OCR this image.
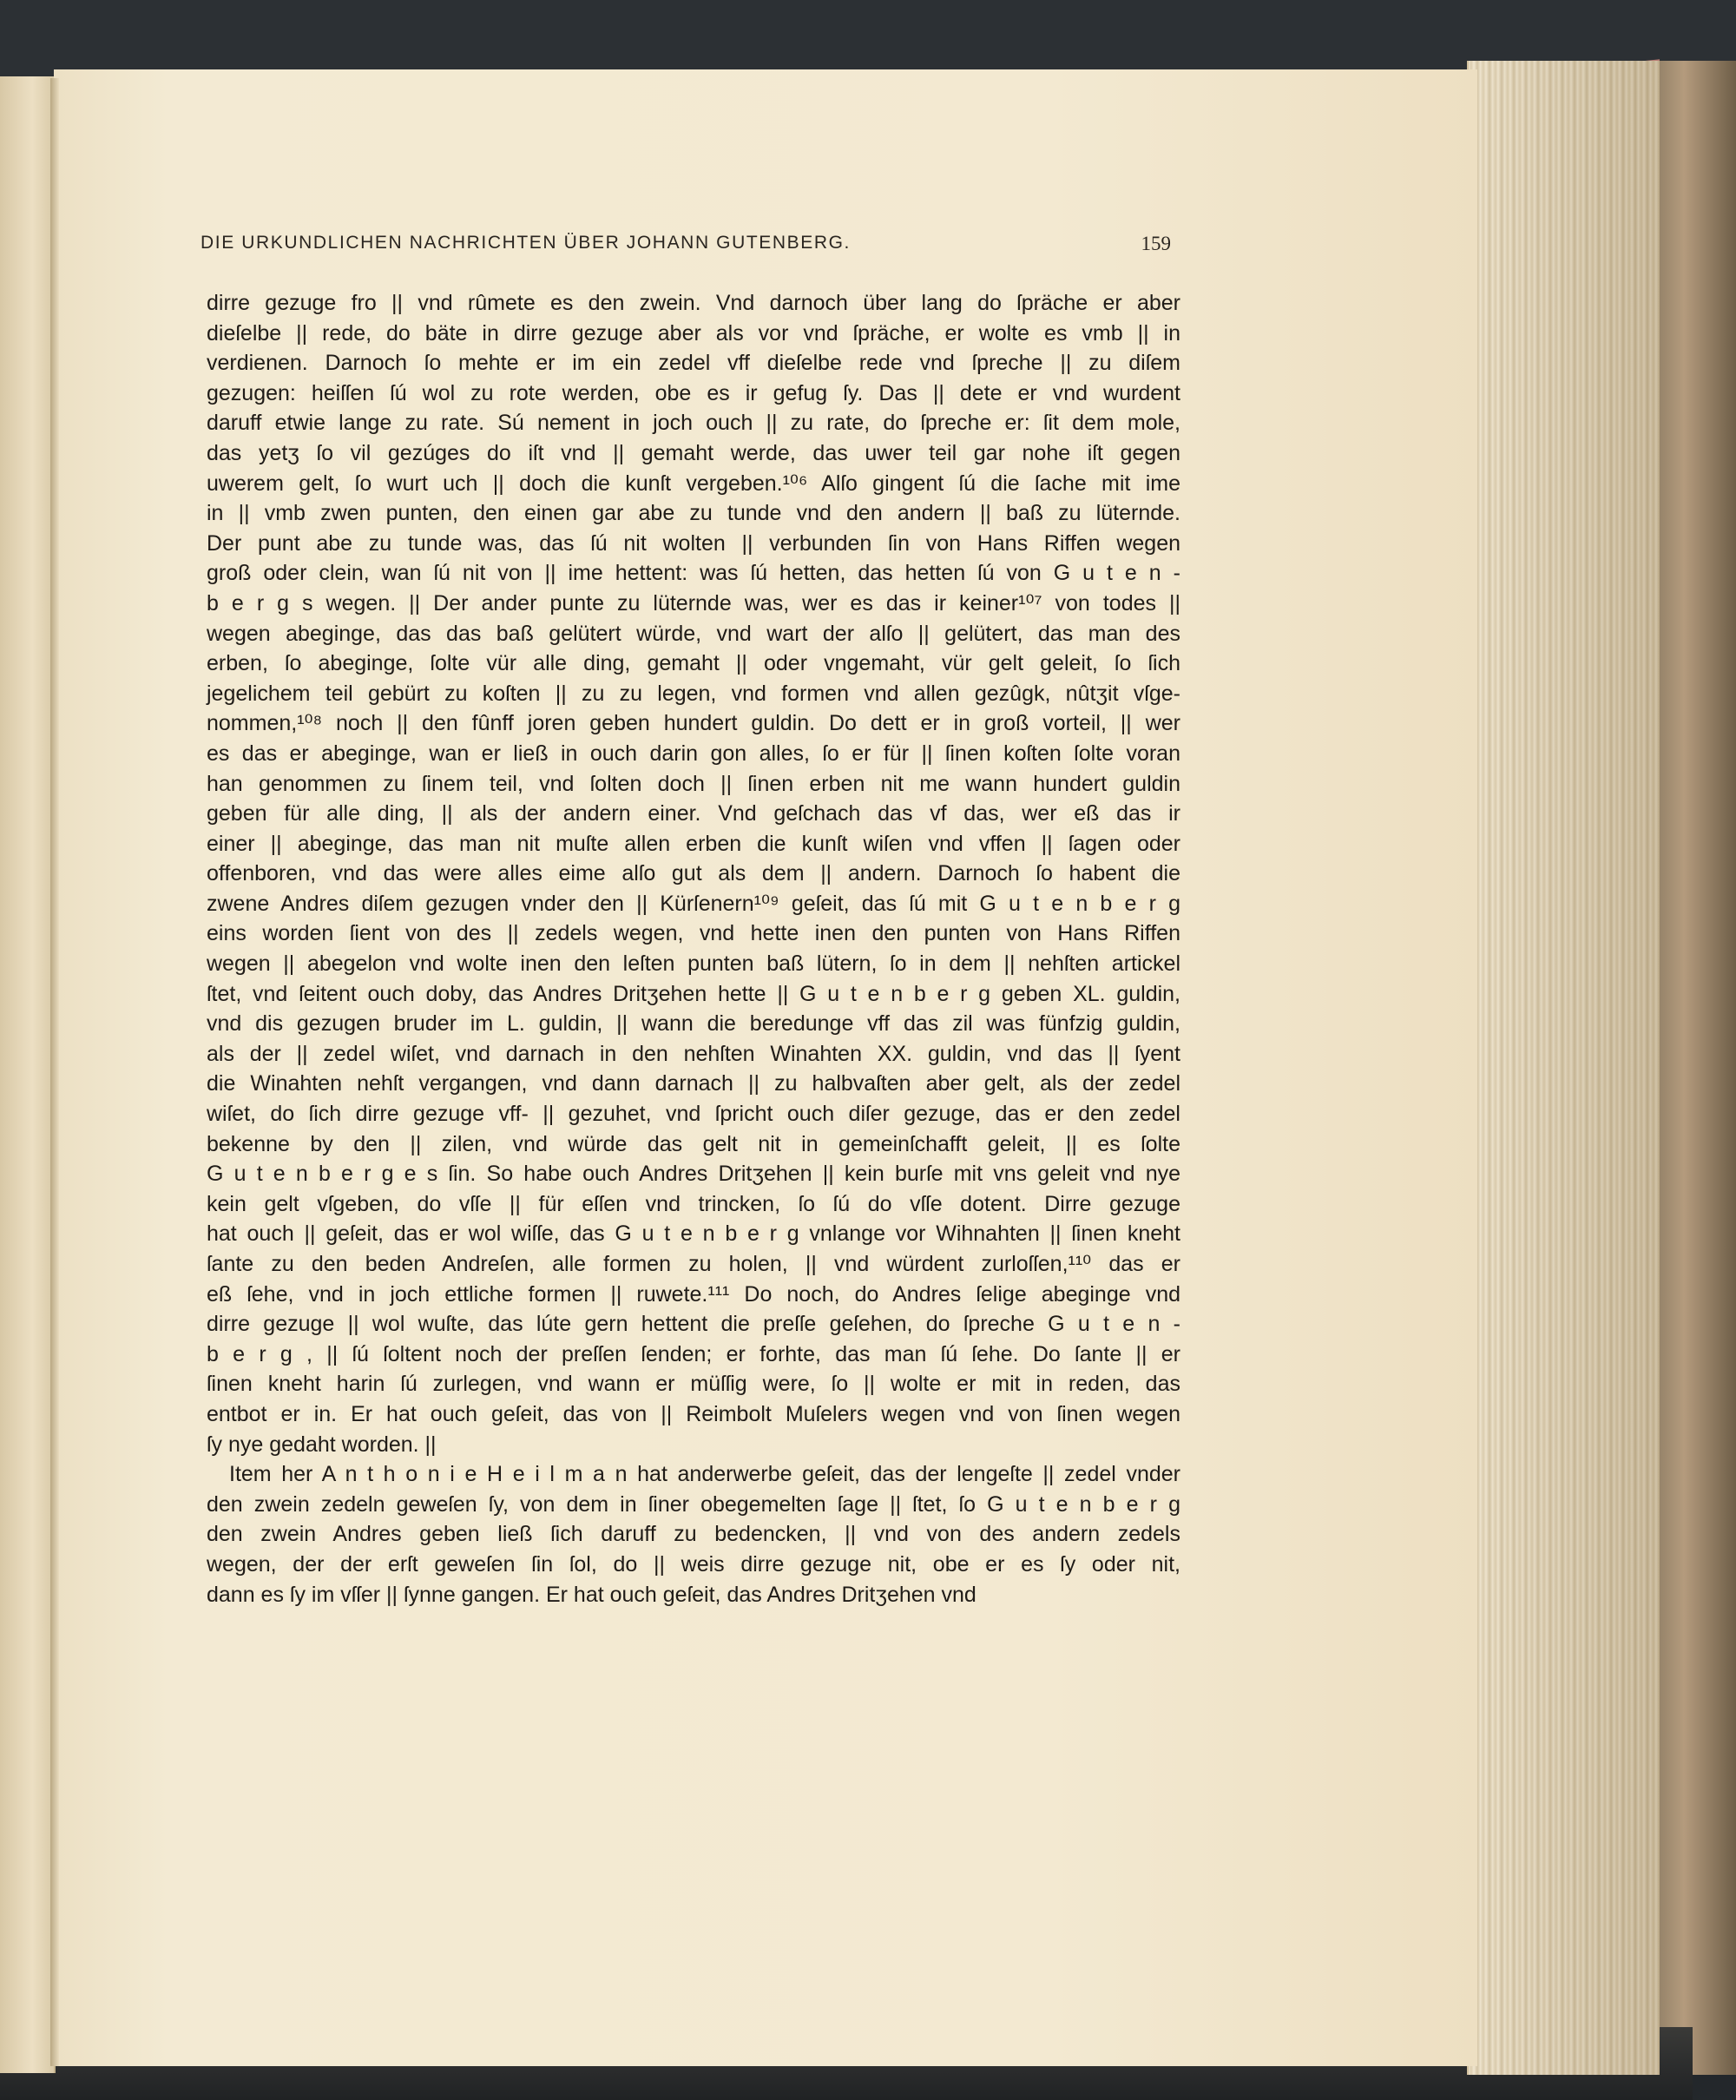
DIE URKUNDLICHEN NACHRICHTEN ÜBER JOHANN GUTENBERG.	159
dirre gezuge fro || vnd rûmete es den zwein. Vnd darnoch über lang do ſpräche er aber
dieſelbe || rede, do bäte in dirre gezuge aber als vor vnd ſpräche, er wolte es vmb || in
verdienen. Darnoch ſo mehte er im ein zedel vff dieſelbe rede vnd ſpreche || zu diſem
gezugen: heiſſen ſú wol zu rote werden, obe es ir gefug ſy. Das || dete er vnd wurdent
daruff etwie lange zu rate. Sú nement in joch ouch || zu rate, do ſpreche er: ſit dem mole,
das yetʒ ſo vil gezúges do iſt vnd || gemaht werde, das uwer teil gar nohe iſt gegen
uwerem gelt, ſo wurt uch || doch die kunſt vergeben.¹⁰⁶ Alſo gingent ſú die ſache mit ime
in || vmb zwen punten, den einen gar abe zu tunde vnd den andern || baß zu lüternde.
Der punt abe zu tunde was, das ſú nit wolten || verbunden ſin von Hans Riffen wegen
groß oder clein, wan ſú nit von || ime hettent: was ſú hetten, das hetten ſú von G u t e n -
b e r g s wegen. || Der ander punte zu lüternde was, wer es das ir keiner¹⁰⁷ von todes ||
wegen abeginge, das das baß gelütert würde, vnd wart der alſo || gelütert, das man des
erben, ſo abeginge, ſolte vür alle ding, gemaht || oder vngemaht, vür gelt geleit, ſo ſich
jegelichem teil gebürt zu koſten || zu zu legen, vnd formen vnd allen gezûgk, nûtʒit vſge-
nommen,¹⁰⁸ noch || den fûnff joren geben hundert guldin. Do dett er in groß vorteil, || wer
es das er abeginge, wan er ließ in ouch darin gon alles, ſo er für || ſinen koſten ſolte voran
han genommen zu ſinem teil, vnd ſolten doch || ſinen erben nit me wann hundert guldin
geben für alle ding, || als der andern einer. Vnd geſchach das vf das, wer eß das ir
einer || abeginge, das man nit muſte allen erben die kunſt wiſen vnd vffen || ſagen oder
offenboren, vnd das were alles eime alſo gut als dem || andern. Darnoch ſo habent die
zwene Andres diſem gezugen vnder den || Kürſenern¹⁰⁹ geſeit, das ſú mit G u t e n b e r g
eins worden ſient von des || zedels wegen, vnd hette inen den punten von Hans Riffen
wegen || abegelon vnd wolte inen den leſten punten baß lütern, ſo in dem || nehſten artickel
ſtet, vnd ſeitent ouch doby, das Andres Dritʒehen hette || G u t e n b e r g geben XL. guldin,
vnd dis gezugen bruder im L. guldin, || wann die beredunge vff das zil was fünfzig guldin,
als der || zedel wiſet, vnd darnach in den nehſten Winahten XX. guldin, vnd das || ſyent
die Winahten nehſt vergangen, vnd dann darnach || zu halbvaſten aber gelt, als der zedel
wiſet, do ſich dirre gezuge vff- || gezuhet, vnd ſpricht ouch diſer gezuge, das er den zedel
bekenne by den || zilen, vnd würde das gelt nit in gemeinſchafft geleit, || es ſolte
G u t e n b e r g e s ſin. So habe ouch Andres Dritʒehen || kein burſe mit vns geleit vnd nye
kein gelt vſgeben, do vſſe || für eſſen vnd trincken, ſo ſú do vſſe dotent. Dirre gezuge
hat ouch || geſeit, das er wol wiſſe, das G u t e n b e r g vnlange vor Wihnahten || ſinen kneht
ſante zu den beden Andreſen, alle formen zu holen, || vnd würdent zurloſſen,¹¹⁰ das er
eß ſehe, vnd in joch ettliche formen || ruwete.¹¹¹ Do noch, do Andres ſelige abeginge vnd
dirre gezuge || wol wuſte, das lúte gern hettent die preſſe geſehen, do ſpreche G u t e n -
b e r g , || ſú ſoltent noch der preſſen ſenden; er forhte, das man ſú ſehe. Do ſante || er
ſinen kneht harin ſú zurlegen, vnd wann er müſſig were, ſo || wolte er mit in reden, das
entbot er in. Er hat ouch geſeit, das von || Reimbolt Muſelers wegen vnd von ſinen wegen
ſy nye gedaht worden. ||
Item her A n t h o n i e H e i l m a n hat anderwerbe geſeit, das der lengeſte || zedel vnder
den zwein zedeln geweſen ſy, von dem in ſiner obegemelten ſage || ſtet, ſo G u t e n b e r g
den zwein Andres geben ließ ſich daruff zu bedencken, || vnd von des andern zedels
wegen, der der erſt geweſen ſin ſol, do || weis dirre gezuge nit, obe er es ſy oder nit,
dann es ſy im vſſer || ſynne gangen. Er hat ouch geſeit, das Andres Dritʒehen vnd
